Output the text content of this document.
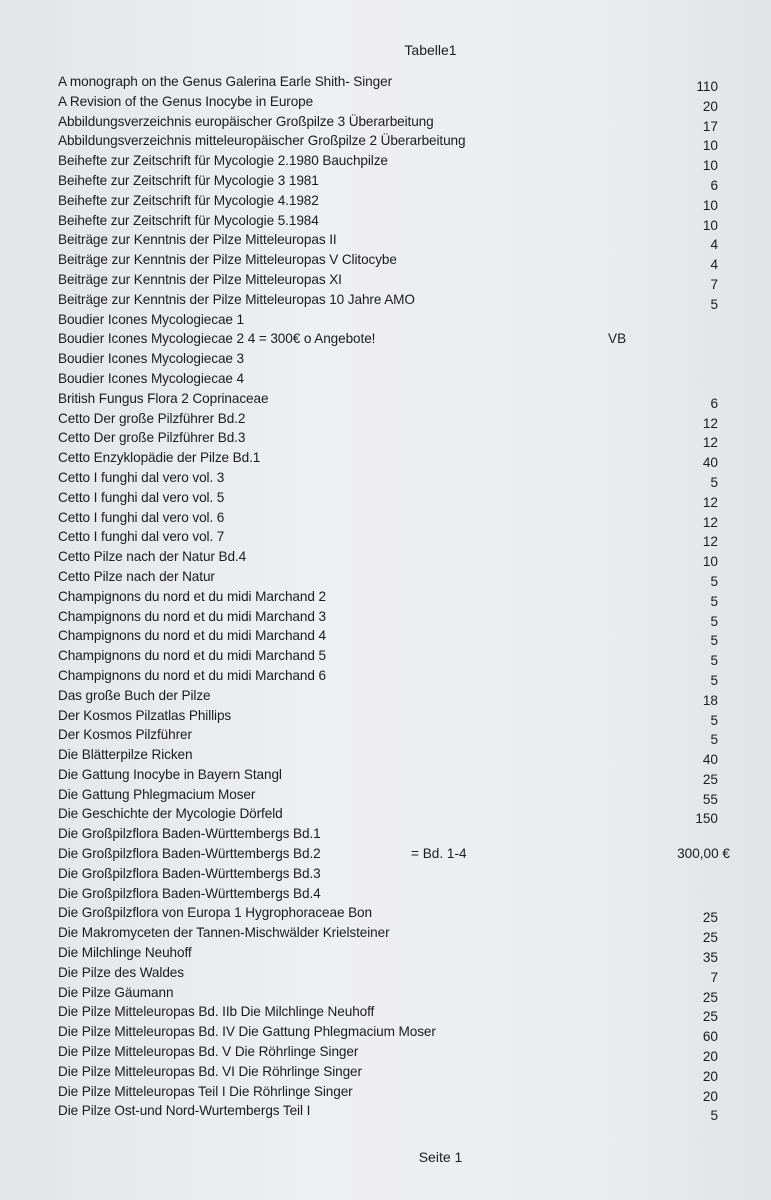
Tabelle1
A monograph on the Genus Galerina Earle Shith- Singer	110
A Revision of the Genus Inocybe in Europe	20
Abbildungsverzeichnis europäischer Großpilze 3 Überarbeitung	17
Abbildungsverzeichnis mitteleuropäischer Großpilze 2 Überarbeitung	10
Beihefte zur Zeitschrift für Mycologie 2.1980 Bauchpilze	10
Beihefte zur Zeitschrift für Mycologie 3 1981	6
Beihefte zur Zeitschrift für Mycologie 4.1982	10
Beihefte zur Zeitschrift für Mycologie 5.1984	10
Beiträge zur Kenntnis der Pilze Mitteleuropas II	4
Beiträge zur Kenntnis der Pilze Mitteleuropas V Clitocybe	4
Beiträge zur Kenntnis der Pilze Mitteleuropas XI	7
Beiträge zur Kenntnis der Pilze Mitteleuropas 10 Jahre AMO	5
Boudier Icones Mycologiecae 1
Boudier Icones Mycologiecae 2 4 = 300€ o Angebote!	VB
Boudier Icones Mycologiecae 3
Boudier Icones Mycologiecae 4
British Fungus Flora 2 Coprinaceae	6
Cetto Der große Pilzführer Bd.2	12
Cetto Der große Pilzführer Bd.3	12
Cetto Enzyklopädie der Pilze Bd.1	40
Cetto I funghi dal vero vol. 3	5
Cetto I funghi dal vero vol. 5	12
Cetto I funghi dal vero vol. 6	12
Cetto I funghi dal vero vol. 7	12
Cetto Pilze nach der Natur Bd.4	10
Cetto Pilze nach der Natur	5
Champignons du nord et du midi Marchand 2	5
Champignons du nord et du midi Marchand 3	5
Champignons du nord et du midi Marchand 4	5
Champignons du nord et du midi Marchand 5	5
Champignons du nord et du midi Marchand 6	5
Das große Buch der Pilze	18
Der Kosmos Pilzatlas Phillips	5
Der Kosmos Pilzführer	5
Die Blätterpilze Ricken	40
Die Gattung Inocybe in Bayern Stangl	25
Die Gattung Phlegmacium Moser	55
Die Geschichte der Mycologie Dörfeld	150
Die Großpilzflora Baden-Württembergs Bd.1
Die Großpilzflora Baden-Württembergs Bd.2	= Bd. 1-4	300,00 €
Die Großpilzflora Baden-Württembergs Bd.3
Die Großpilzflora Baden-Württembergs Bd.4
Die Großpilzflora von Europa 1 Hygrophoraceae Bon	25
Die Makromyceten der Tannen-Mischwälder Krielsteiner	25
Die Milchlinge Neuhoff	35
Die Pilze des Waldes	7
Die Pilze Gäumann	25
Die Pilze Mitteleuropas Bd. IIb Die Milchlinge Neuhoff	25
Die Pilze Mitteleuropas Bd. IV Die Gattung Phlegmacium Moser	60
Die Pilze Mitteleuropas Bd. V Die Röhrlinge Singer	20
Die Pilze Mitteleuropas Bd. VI Die Röhrlinge Singer	20
Die Pilze Mitteleuropas Teil I Die Röhrlinge Singer	20
Die Pilze Ost-und Nord-Wurtembergs Teil I	5
Seite 1
